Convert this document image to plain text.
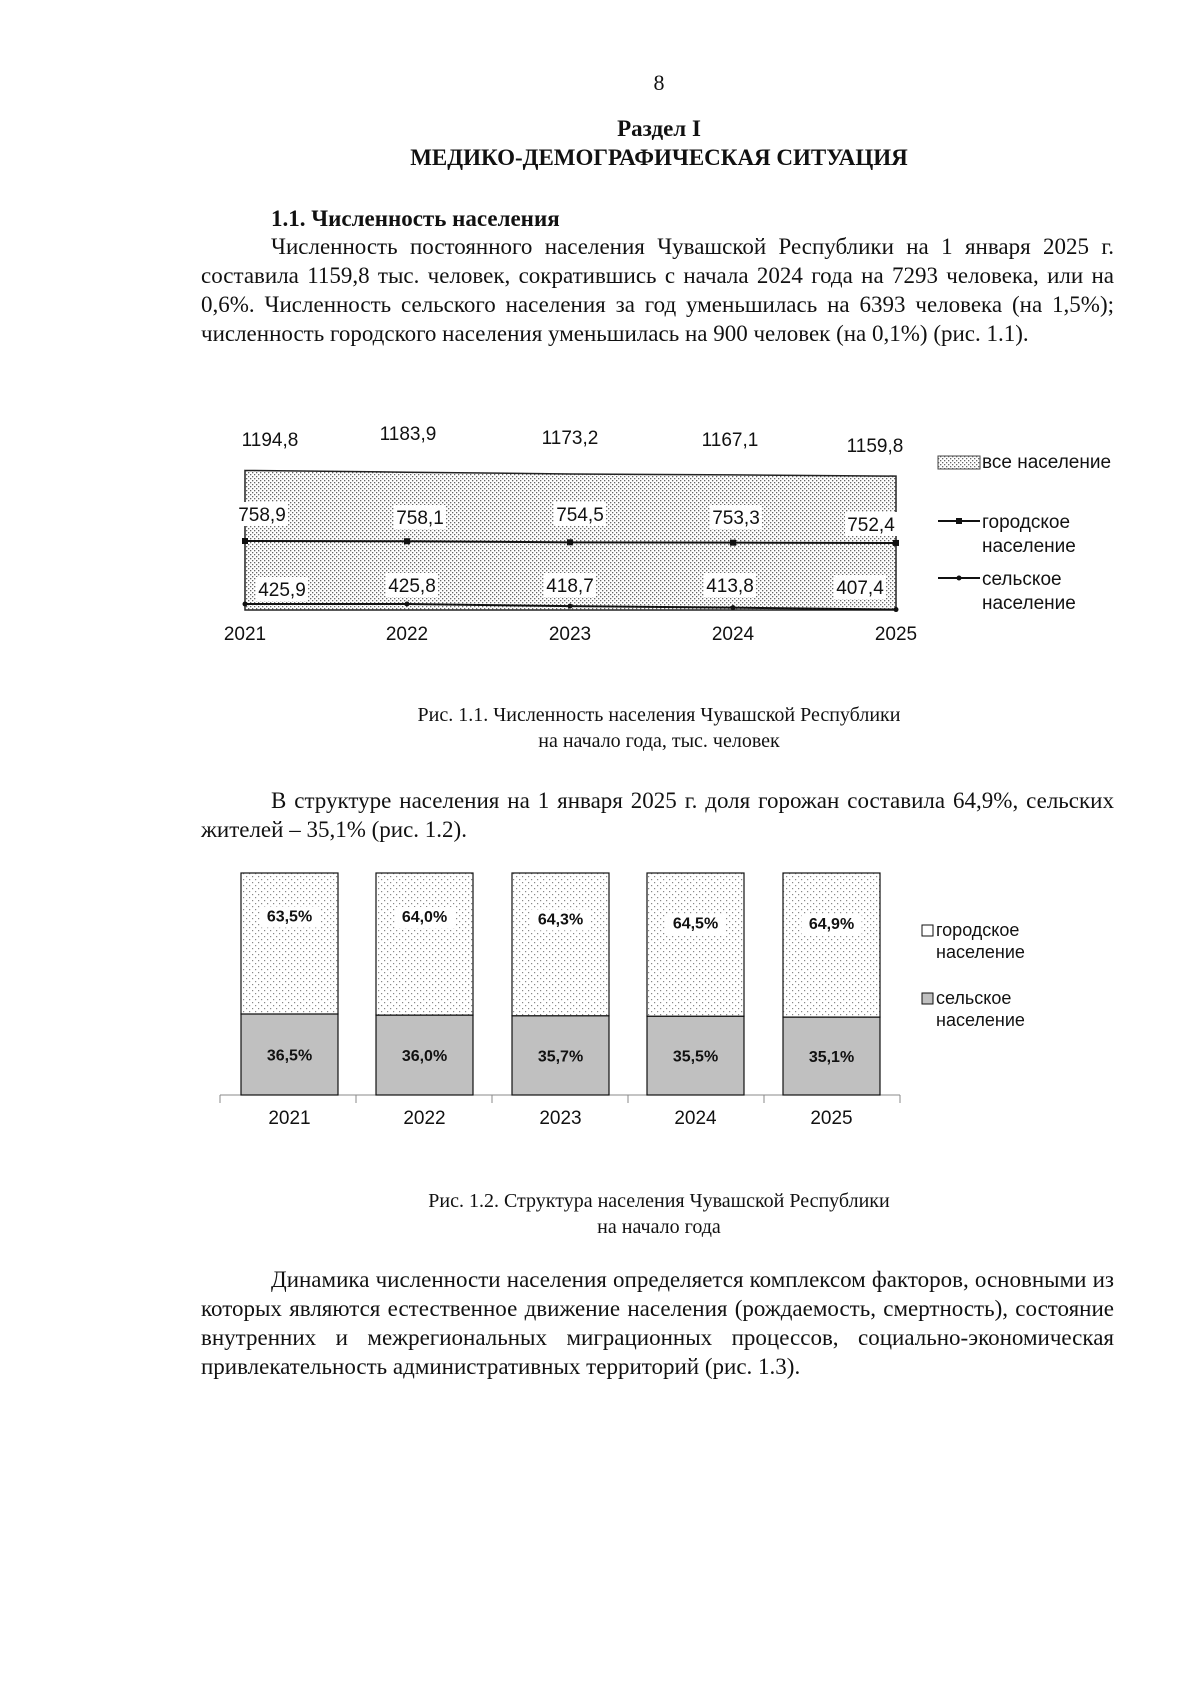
8
Раздел I
МЕДИКО-ДЕМОГРАФИЧЕСКАЯ СИТУАЦИЯ
1.1. Численность населения
Численность постоянного населения Чувашской Республики на 1 января 2025 г. составила 1159,8 тыс. человек, сократившись с начала 2024 года на 7293 человека, или на 0,6%. Численность сельского населения за год уменьшилась на 6393 человека (на 1,5%); численность городского населения уменьшилась на 900 человек (на 0,1%) (рис. 1.1).
1194,8	1183,9	1173,2	1167,1	1159,8
758,9	758,1	754,5	753,3	752,4
425,9	425,8	418,7	413,8	407,4
2021	2022	2023	2024	2025
все население
городское
население
сельское
население
Рис. 1.1. Численность населения Чувашской Республики
на начало года, тыс. человек
В структуре населения на 1 января 2025 г. доля горожан составила 64,9%, сельских жителей – 35,1% (рис. 1.2).
63,5%
36,5%
2021
64,0%
36,0%
2022
64,3%
35,7%
2023
64,5%
35,5%
2024
64,9%
35,1%
2025
городское
население
сельское
население
Рис. 1.2. Структура населения Чувашской Республики
на начало года
Динамика численности населения определяется комплексом факторов, основными из которых являются естественное движение населения (рождаемость, смертность), состояние внутренних и межрегиональных миграционных процессов, социально-экономическая привлекательность административных территорий (рис. 1.3).
